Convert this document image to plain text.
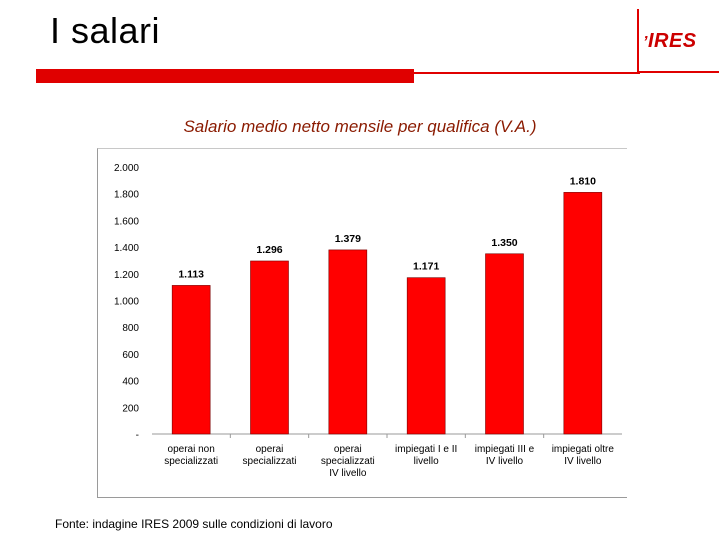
I salari	’IRES
Salario medio netto mensile per qualifica (V.A.)
-
200
400
600
800
1.000
1.200
1.400
1.600
1.800
2.000
1.113
operai non
specializzati
1.296
operai
specializzati
1.379
operai
specializzati
IV livello
1.171
impiegati I e II
livello
1.350
impiegati III e
IV livello
1.810
impiegati oltre
IV livello
Fonte: indagine IRES 2009 sulle condizioni di lavoro
